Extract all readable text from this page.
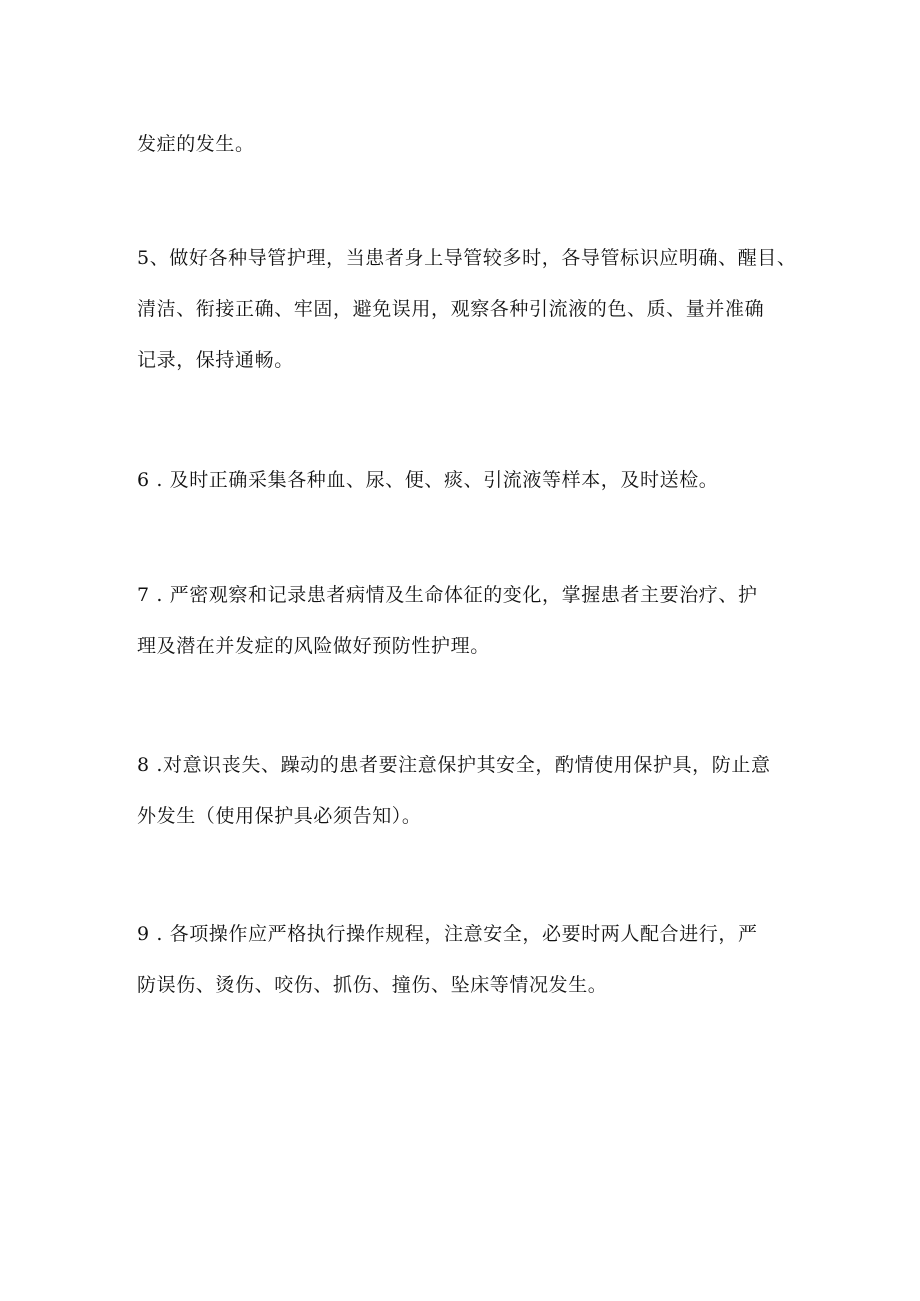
发症的发生。

5、做好各种导管护理，当患者身上导管较多时，各导管标识应明确、醒目、
清洁、衔接正确、牢固，避免误用，观察各种引流液的色、质、量并准确
记录，保持通畅。

6 . 及时正确采集各种血、尿、便、痰、引流液等样本，及时送检。

7 . 严密观察和记录患者病情及生命体征的变化，掌握患者主要治疗、护
理及潜在并发症的风险做好预防性护理。

8 .对意识丧失、躁动的患者要注意保护其安全，酌情使用保护具，防止意
外发生（使用保护具必须告知）。

9 . 各项操作应严格执行操作规程，注意安全，必要时两人配合进行，严
防误伤、烫伤、咬伤、抓伤、撞伤、坠床等情况发生。
